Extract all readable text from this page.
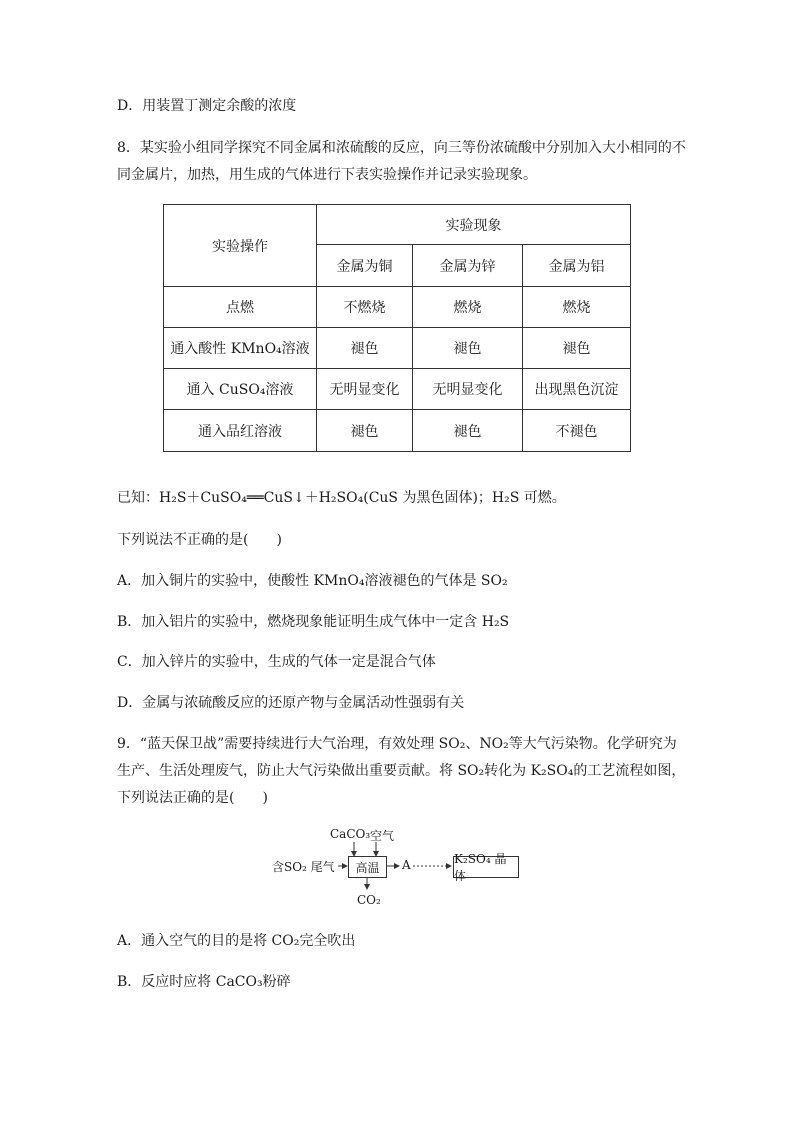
D．用装置丁测定余酸的浓度
8．某实验小组同学探究不同金属和浓硫酸的反应，向三等份浓硫酸中分别加入大小相同的不
同金属片，加热，用生成的气体进行下表实验操作并记录实验现象。
实验操作	实验现象		
	金属为铜	金属为锌	金属为铝
点燃	不燃烧	燃烧	燃烧
通入酸性 KMnO₄溶液	褪色	褪色	褪色
通入 CuSO₄溶液	无明显变化	无明显变化	出现黑色沉淀
通入品红溶液	褪色	褪色	不褪色
已知：H₂S＋CuSO₄══CuS↓＋H₂SO₄(CuS 为黑色固体)；H₂S 可燃。
下列说法不正确的是(　　)
A．加入铜片的实验中，使酸性 KMnO₄溶液褪色的气体是 SO₂
B．加入铝片的实验中，燃烧现象能证明生成气体中一定含 H₂S
C．加入锌片的实验中，生成的气体一定是混合气体
D．金属与浓硫酸反应的还原产物与金属活动性强弱有关
9．“蓝天保卫战”需要持续进行大气治理，有效处理 SO₂、NO₂等大气污染物。化学研究为
生产、生活处理废气，防止大气污染做出重要贡献。将 SO₂转化为 K₂SO₄的工艺流程如图，
下列说法正确的是(　　)
CaCO₃ 空气
含SO₂ 尾气	高温	A	K₂SO₄ 晶体
CO₂
A．通入空气的目的是将 CO₂完全吹出
B．反应时应将 CaCO₃粉碎
